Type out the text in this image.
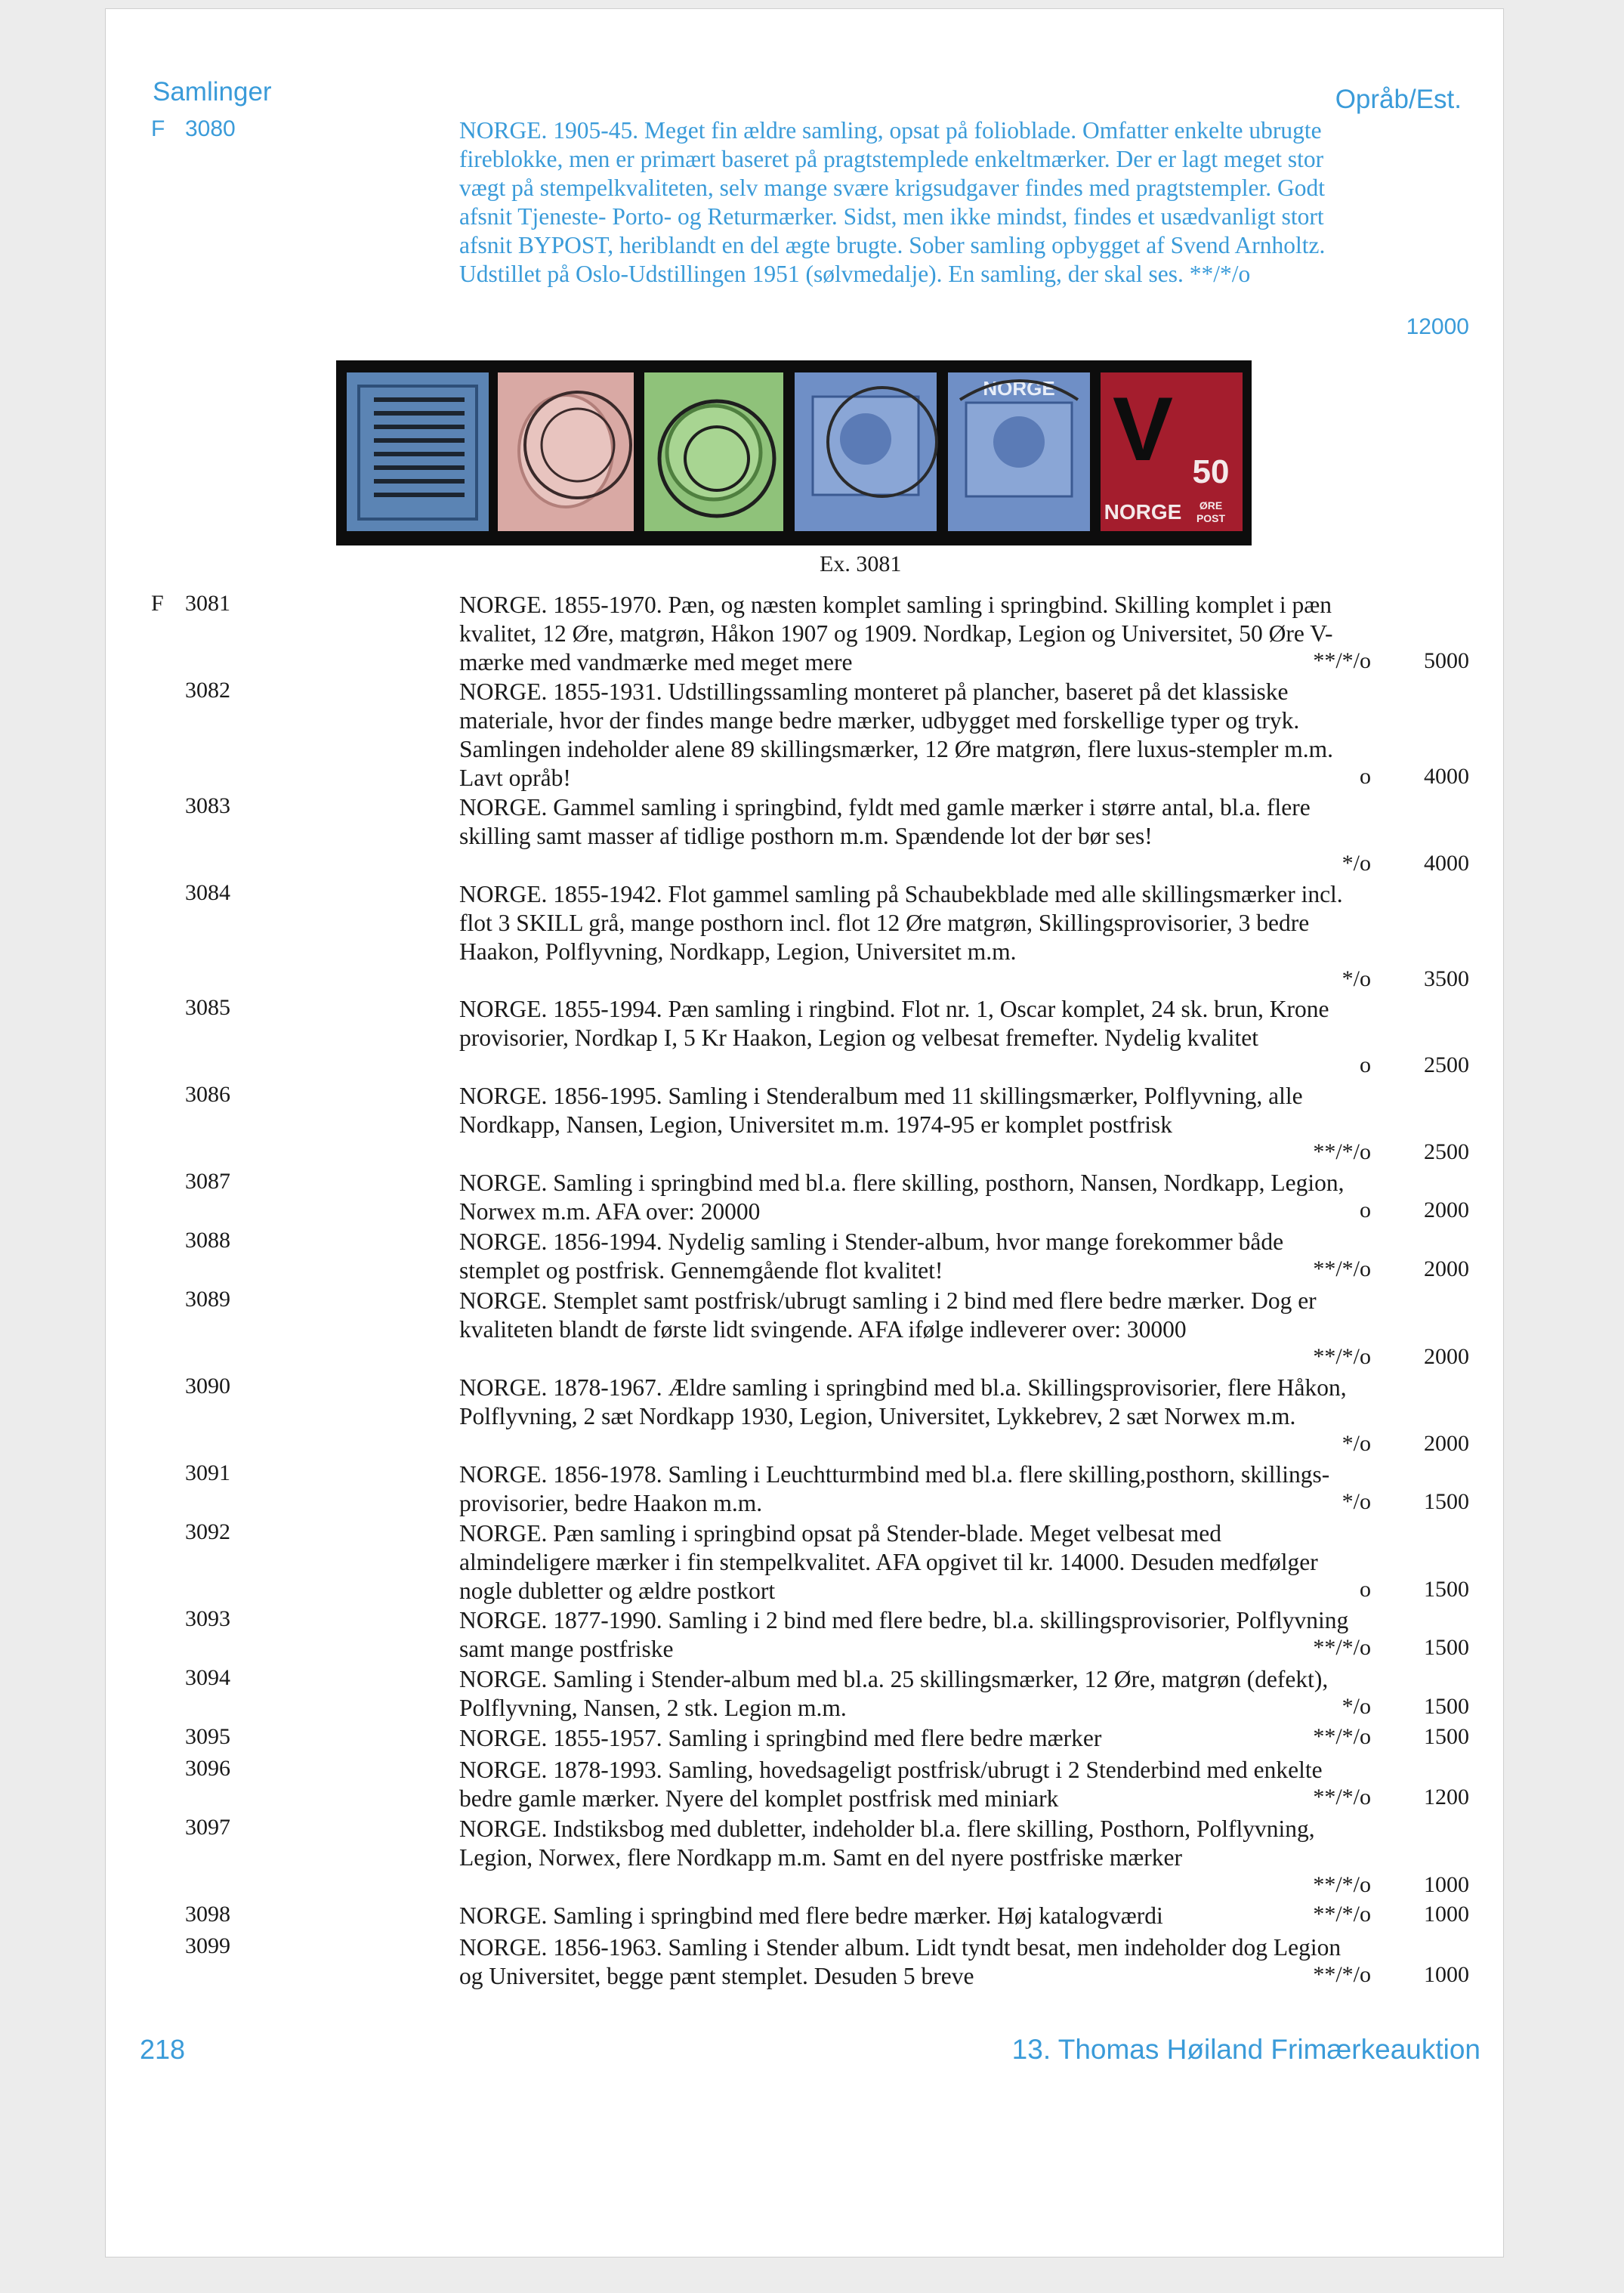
Samlinger	Opråb/Est.
F 3080	NORGE. 1905-45. Meget fin ældre samling, opsat på folioblade. Omfatter enkelte ubrugte fireblokke, men er primært baseret på pragtstemplede enkeltmærker. Der er lagt meget stor vægt på stempelkvaliteten, selv mange svære krigsudgaver findes med pragtstempler. Godt afsnit Tjeneste- Porto- og Returmærker. Sidst, men ikke mindst, findes et usædvanligt stort afsnit BYPOST, heriblandt en del ægte brugte. Sober samling opbygget af Svend Arnholtz. Udstillet på Oslo-Udstillingen 1951 (sølvmedalje). En samling, der skal ses. **/*/o
12000
NORGE V 50
NORGE ØRE
POST
Ex. 3081
F 3081	NORGE. 1855-1970. Pæn, og næsten komplet samling i springbind. Skilling komplet i pæn kvalitet, 12 Øre, matgrøn, Håkon 1907 og 1909. Nordkap, Legion og Universitet, 50 Øre V-mærke med vandmærke med meget mere	**/*/o	5000
3082	NORGE. 1855-1931. Udstillingssamling monteret på plancher, baseret på det klassiske materiale, hvor der findes mange bedre mærker, udbygget med forskellige typer og tryk. Samlingen indeholder alene 89 skillingsmærker, 12 Øre matgrøn, flere luxus-stempler m.m. Lavt opråb!	o	4000
3083	NORGE. Gammel samling i springbind, fyldt med gamle mærker i større antal, bl.a. flere skilling samt masser af tidlige posthorn m.m. Spændende lot der bør ses!
*/o	4000
3084	NORGE. 1855-1942. Flot gammel samling på Schaubekblade med alle skillingsmærker incl. flot 3 SKILL grå, mange posthorn incl. flot 12 Øre matgrøn, Skillingsprovisorier, 3 bedre Haakon, Polflyvning, Nordkapp, Legion, Universitet m.m.
*/o	3500
3085	NORGE. 1855-1994. Pæn samling i ringbind. Flot nr. 1, Oscar komplet, 24 sk. brun, Krone provisorier, Nordkap I, 5 Kr Haakon, Legion og velbesat fremefter. Nydelig kvalitet
o	2500
3086	NORGE. 1856-1995. Samling i Stenderalbum med 11 skillingsmærker, Polflyvning, alle Nordkapp, Nansen, Legion, Universitet m.m. 1974-95 er komplet postfrisk
**/*/o	2500
3087	NORGE. Samling i springbind med bl.a. flere skilling, posthorn, Nansen, Nordkapp, Legion, Norwex m.m. AFA over: 20000	o	2000
3088	NORGE. 1856-1994. Nydelig samling i Stender-album, hvor mange forekommer både stemplet og postfrisk. Gennemgående flot kvalitet!	**/*/o	2000
3089	NORGE. Stemplet samt postfrisk/ubrugt samling i 2 bind med flere bedre mærker. Dog er kvaliteten blandt de første lidt svingende. AFA ifølge indleverer over: 30000
**/*/o	2000
3090	NORGE. 1878-1967. Ældre samling i springbind med bl.a. Skillingsprovisorier, flere Håkon, Polflyvning, 2 sæt Nordkapp 1930, Legion, Universitet, Lykkebrev, 2 sæt Norwex m.m.
*/o	2000
3091	NORGE. 1856-1978. Samling i Leuchtturmbind med bl.a. flere skilling,posthorn, skillings-provisorier, bedre Haakon m.m.	*/o	1500
3092	NORGE. Pæn samling i springbind opsat på Stender-blade. Meget velbesat med almindeligere mærker i fin stempelkvalitet. AFA opgivet til kr. 14000. Desuden medfølger nogle dubletter og ældre postkort	o	1500
3093	NORGE. 1877-1990. Samling i 2 bind med flere bedre, bl.a. skillingsprovisorier, Polflyvning samt mange postfriske	**/*/o	1500
3094	NORGE. Samling i Stender-album med bl.a. 25 skillingsmærker, 12 Øre, matgrøn (defekt), Polflyvning, Nansen, 2 stk. Legion m.m.	*/o	1500
3095	NORGE. 1855-1957. Samling i springbind med flere bedre mærker	**/*/o	1500
3096	NORGE. 1878-1993. Samling, hovedsageligt postfrisk/ubrugt i 2 Stenderbind med enkelte bedre gamle mærker. Nyere del komplet postfrisk med miniark	**/*/o	1200
3097	NORGE. Indstiksbog med dubletter, indeholder bl.a. flere skilling, Posthorn, Polflyvning, Legion, Norwex, flere Nordkapp m.m. Samt en del nyere postfriske mærker
**/*/o	1000
3098	NORGE. Samling i springbind med flere bedre mærker. Høj katalogværdi	**/*/o	1000
3099	NORGE. 1856-1963. Samling i Stender album. Lidt tyndt besat, men indeholder dog Legion og Universitet, begge pænt stemplet. Desuden 5 breve	**/*/o	1000
218	13. Thomas Høiland Frimærkeauktion
